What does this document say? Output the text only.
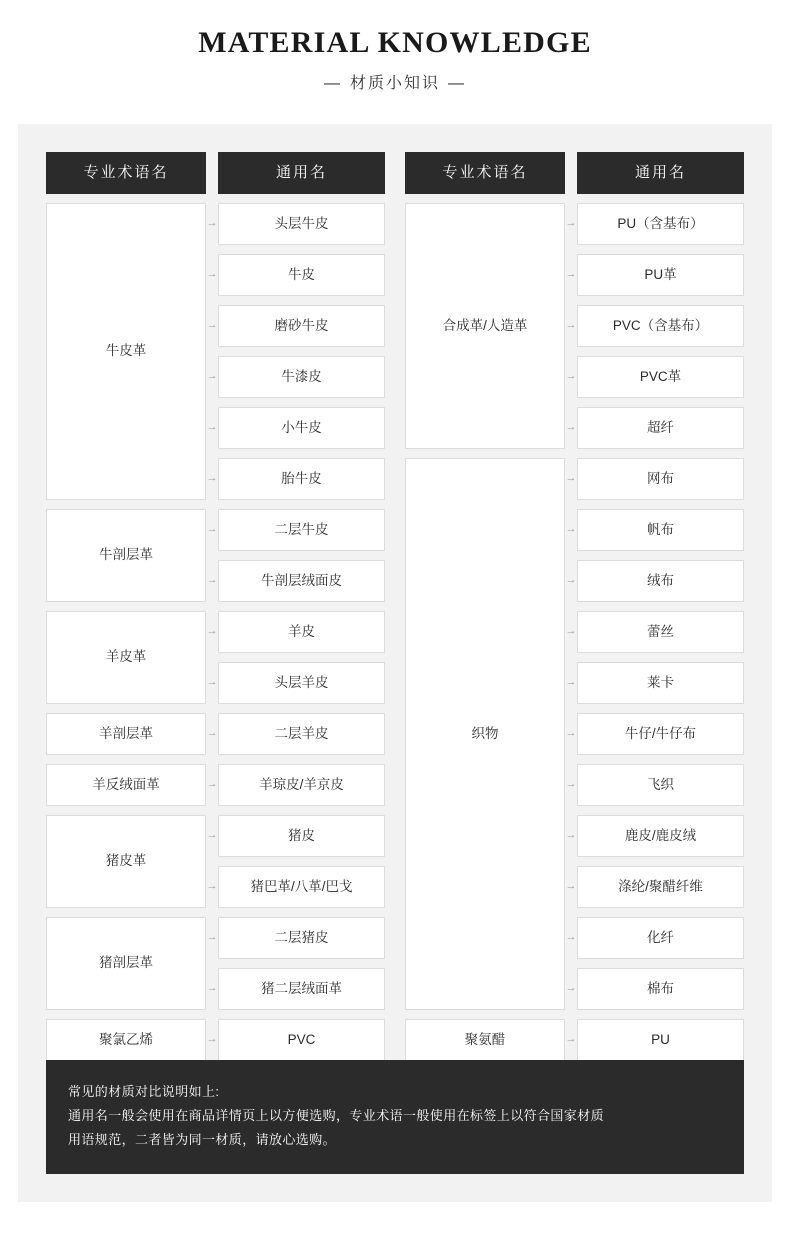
MATERIAL KNOWLEDGE
— 材质小知识 —
专业术语名	通用名
牛皮革
牛剖层革
羊皮革
羊剖层革
羊反绒面革
猪皮革
猪剖层革
聚氯乙烯
头层牛皮
牛皮
磨砂牛皮
牛漆皮
小牛皮
胎牛皮
二层牛皮
牛剖层绒面皮
羊皮
头层羊皮
二层羊皮
羊琼皮/羊京皮
猪皮
猪巴革/八革/巴戈
二层猪皮
猪二层绒面革
PVC
→
→
→
→
→
→
→
→
→
→
→
→
→
→
→
→
→
专业术语名	通用名
合成革/人造革
织物
聚氨醋
PU（含基布）
PU革
PVC（含基布）
PVC革
超纤
网布
帆布
绒布
蕾丝
莱卡
牛仔/牛仔布
飞织
鹿皮/鹿皮绒
涤纶/聚醋纤维
化纤
棉布
PU
→
→
→
→
→
→
→
→
→
→
→
→
→
→
→
→
→

常见的材质对比说明如上:

通用名一般会使用在商品详情页上以方便选购，专业术语一般使用在标签上以符合国家材质

用语规范，二者皆为同一材质，请放心选购。
